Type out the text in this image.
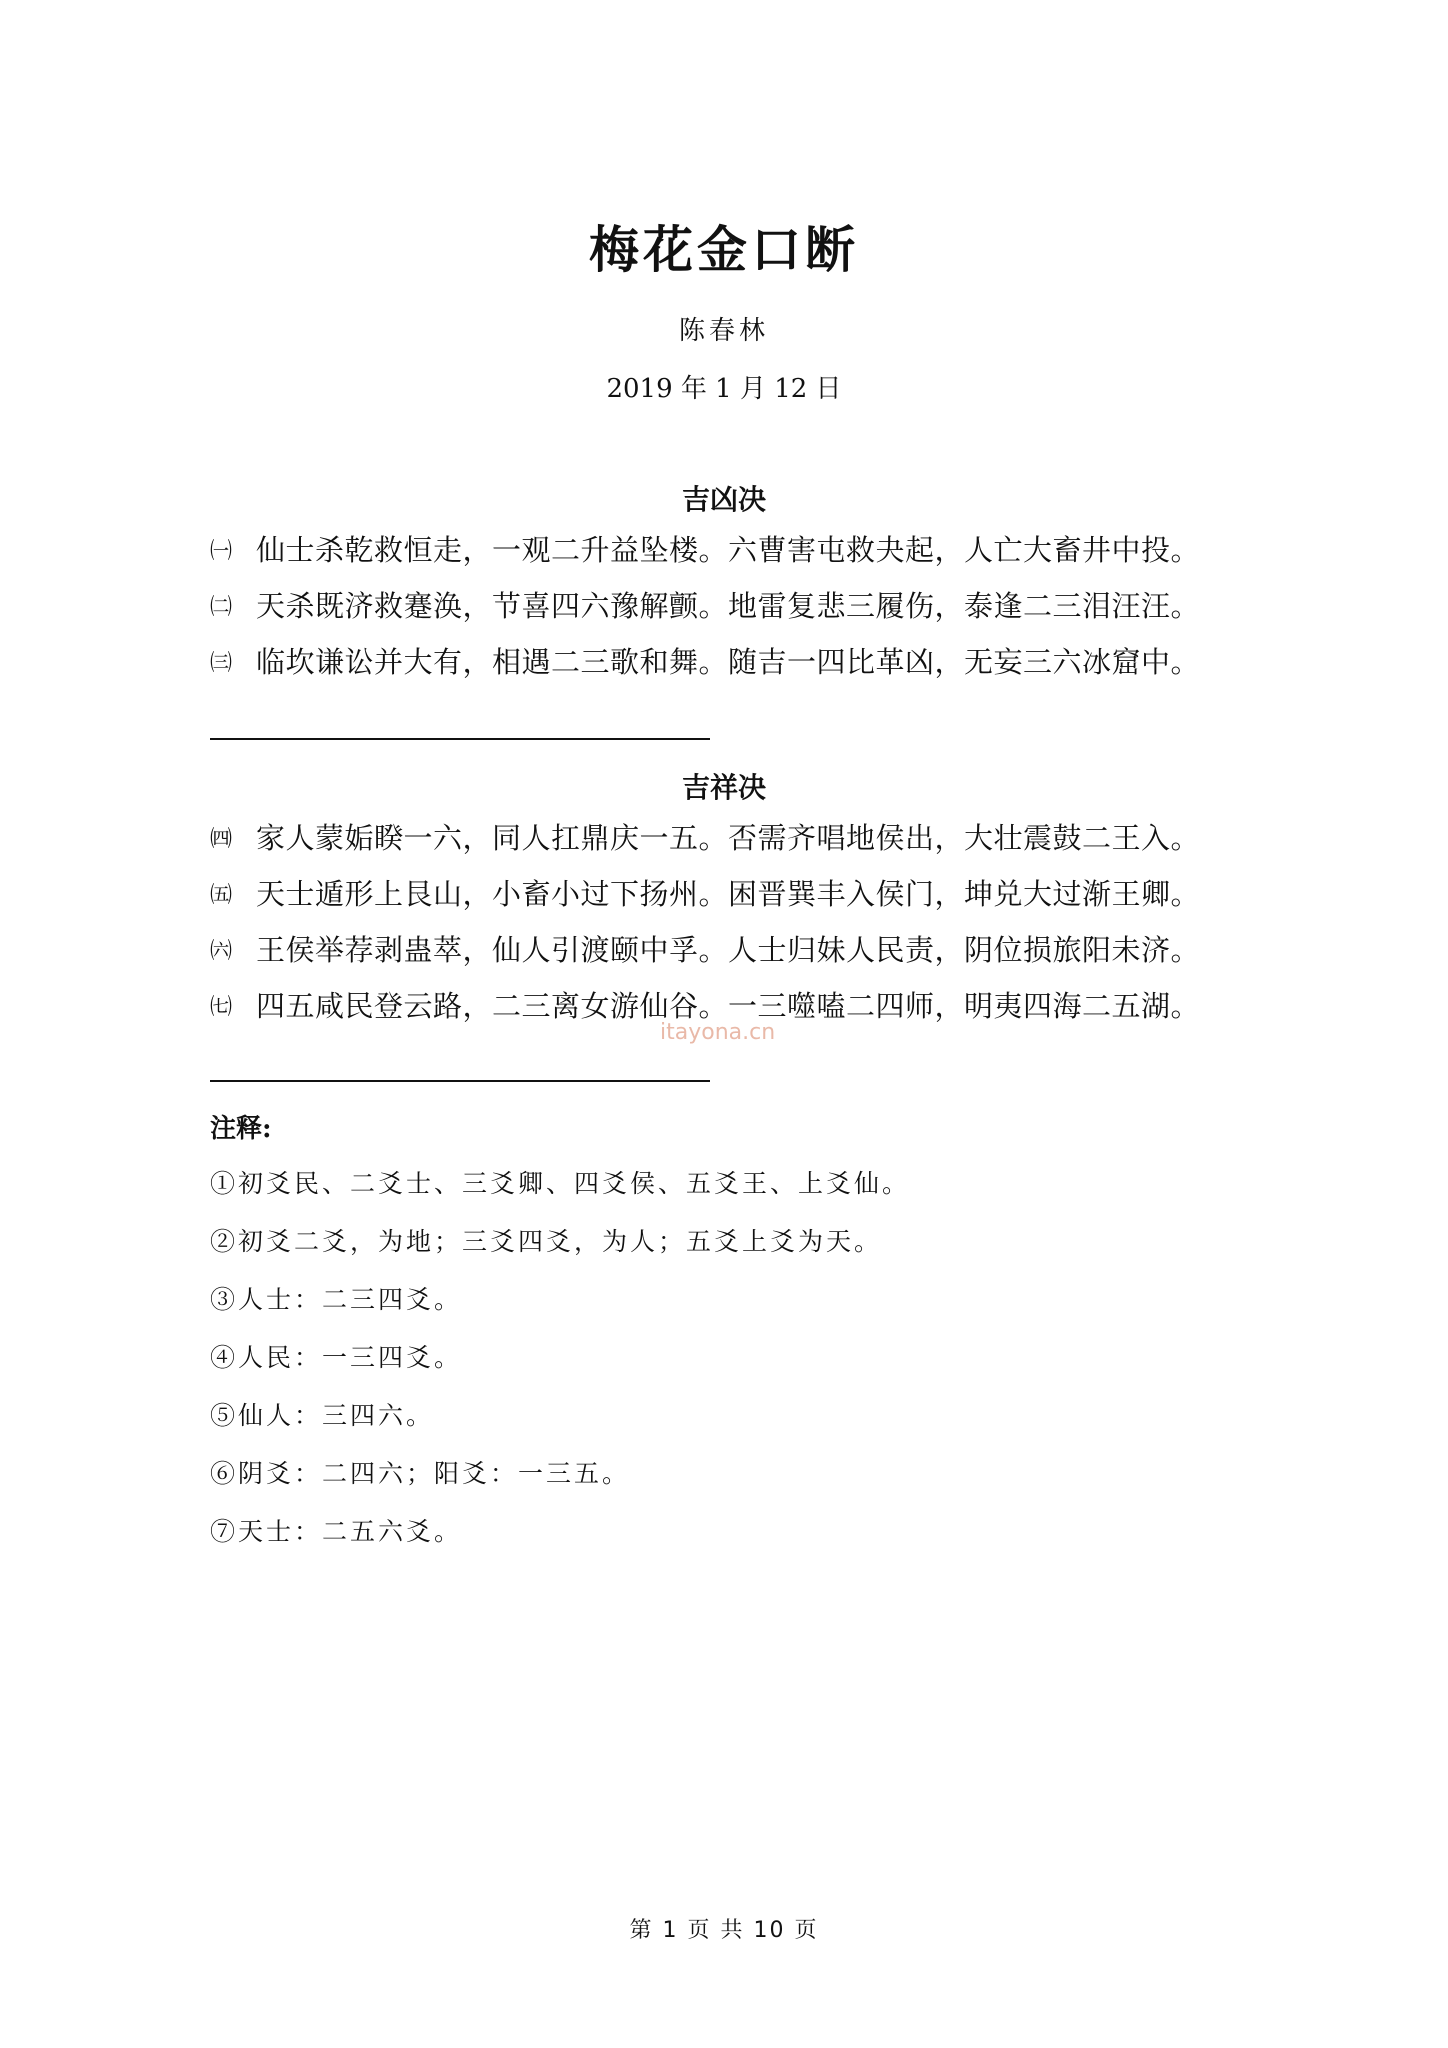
梅花金口断
陈春林
2019 年 1 月 12 日
吉凶决
㈠ 仙士杀乾救恒走，一观二升益坠楼。六曹害屯救夬起，人亡大畜井中投。
㈡ 天杀既济救蹇涣，节喜四六豫解颤。地雷复悲三履伤，泰逢二三泪汪汪。
㈢ 临坎谦讼并大有，相遇二三歌和舞。随吉一四比革凶，无妄三六冰窟中。
吉祥决
㈣ 家人蒙姤睽一六，同人扛鼎庆一五。否需齐唱地侯出，大壮震鼓二王入。
㈤ 天士遁形上艮山，小畜小过下扬州。困晋巽丰入侯门，坤兑大过渐王卿。
㈥ 王侯举荐剥蛊萃，仙人引渡颐中孚。人士归妹人民责，阴位损旅阳未济。
㈦ 四五咸民登云路，二三离女游仙谷。一三噬嗑二四师，明夷四海二五湖。
itayona.cn
注释:
①初爻民、二爻士、三爻卿、四爻侯、五爻王、上爻仙。
②初爻二爻，为地；三爻四爻，为人；五爻上爻为天。
③人士：二三四爻。
④人民：一三四爻。
⑤仙人：三四六。
⑥阴爻：二四六；阳爻：一三五。
⑦天士：二五六爻。
第 1 页 共 10 页
